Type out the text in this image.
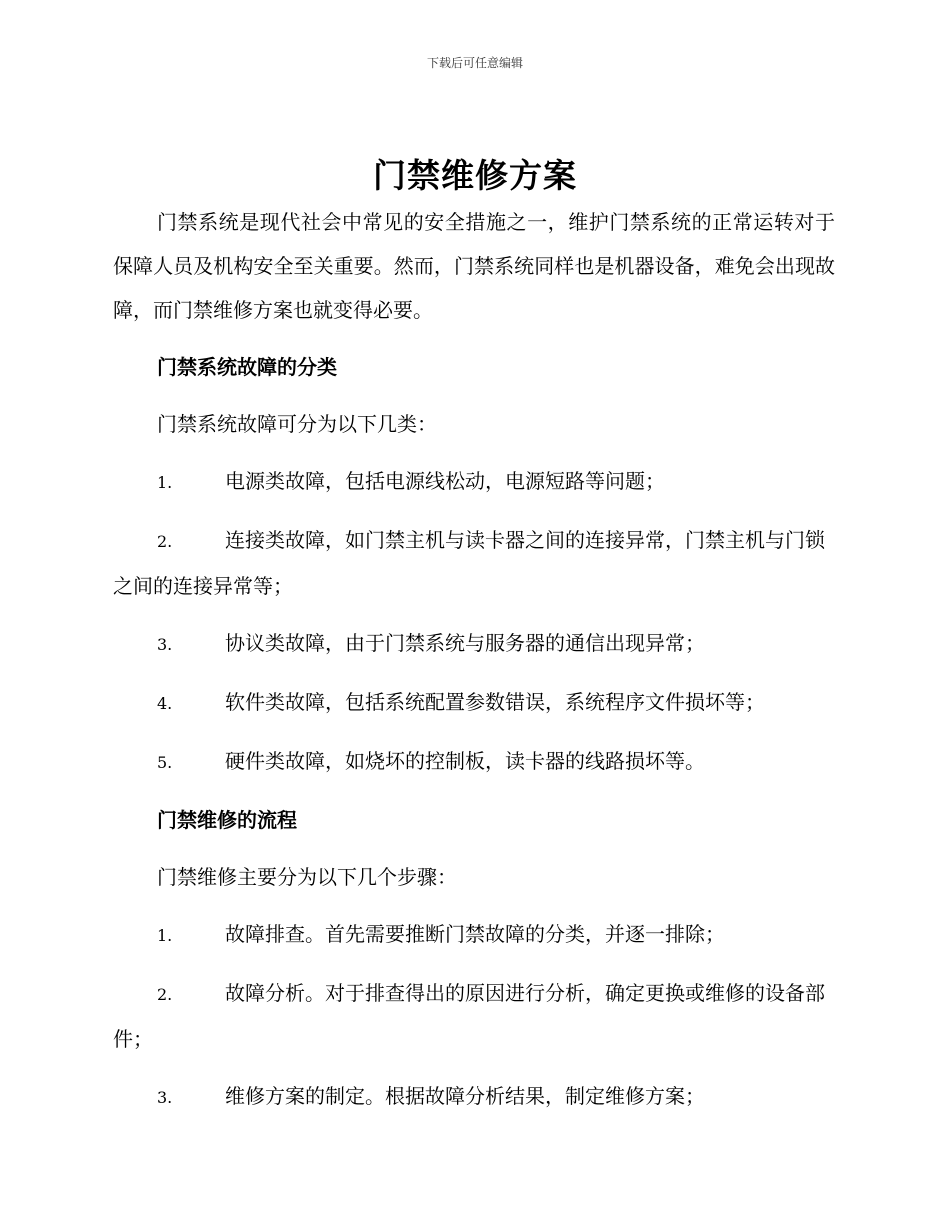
下载后可任意编辑
门禁维修方案

门禁系统是现代社会中常见的安全措施之一，维护门禁系统的正常运转对于保障人员及机构安全至关重要。然而，门禁系统同样也是机器设备，难免会出现故障，而门禁维修方案也就变得必要。

门禁系统故障的分类

门禁系统故障可分为以下几类：

1.	电源类故障，包括电源线松动，电源短路等问题；
2.	连接类故障，如门禁主机与读卡器之间的连接异常，门禁主机与门锁之间的连接异常等；
3.	协议类故障，由于门禁系统与服务器的通信出现异常；
4.	软件类故障，包括系统配置参数错误，系统程序文件损坏等；
5.	硬件类故障，如烧坏的控制板，读卡器的线路损坏等。
门禁维修的流程

门禁维修主要分为以下几个步骤：

1.	故障排查。首先需要推断门禁故障的分类，并逐一排除；
2.	故障分析。对于排查得出的原因进行分析，确定更换或维修的设备部件；
3.	维修方案的制定。根据故障分析结果，制定维修方案；
